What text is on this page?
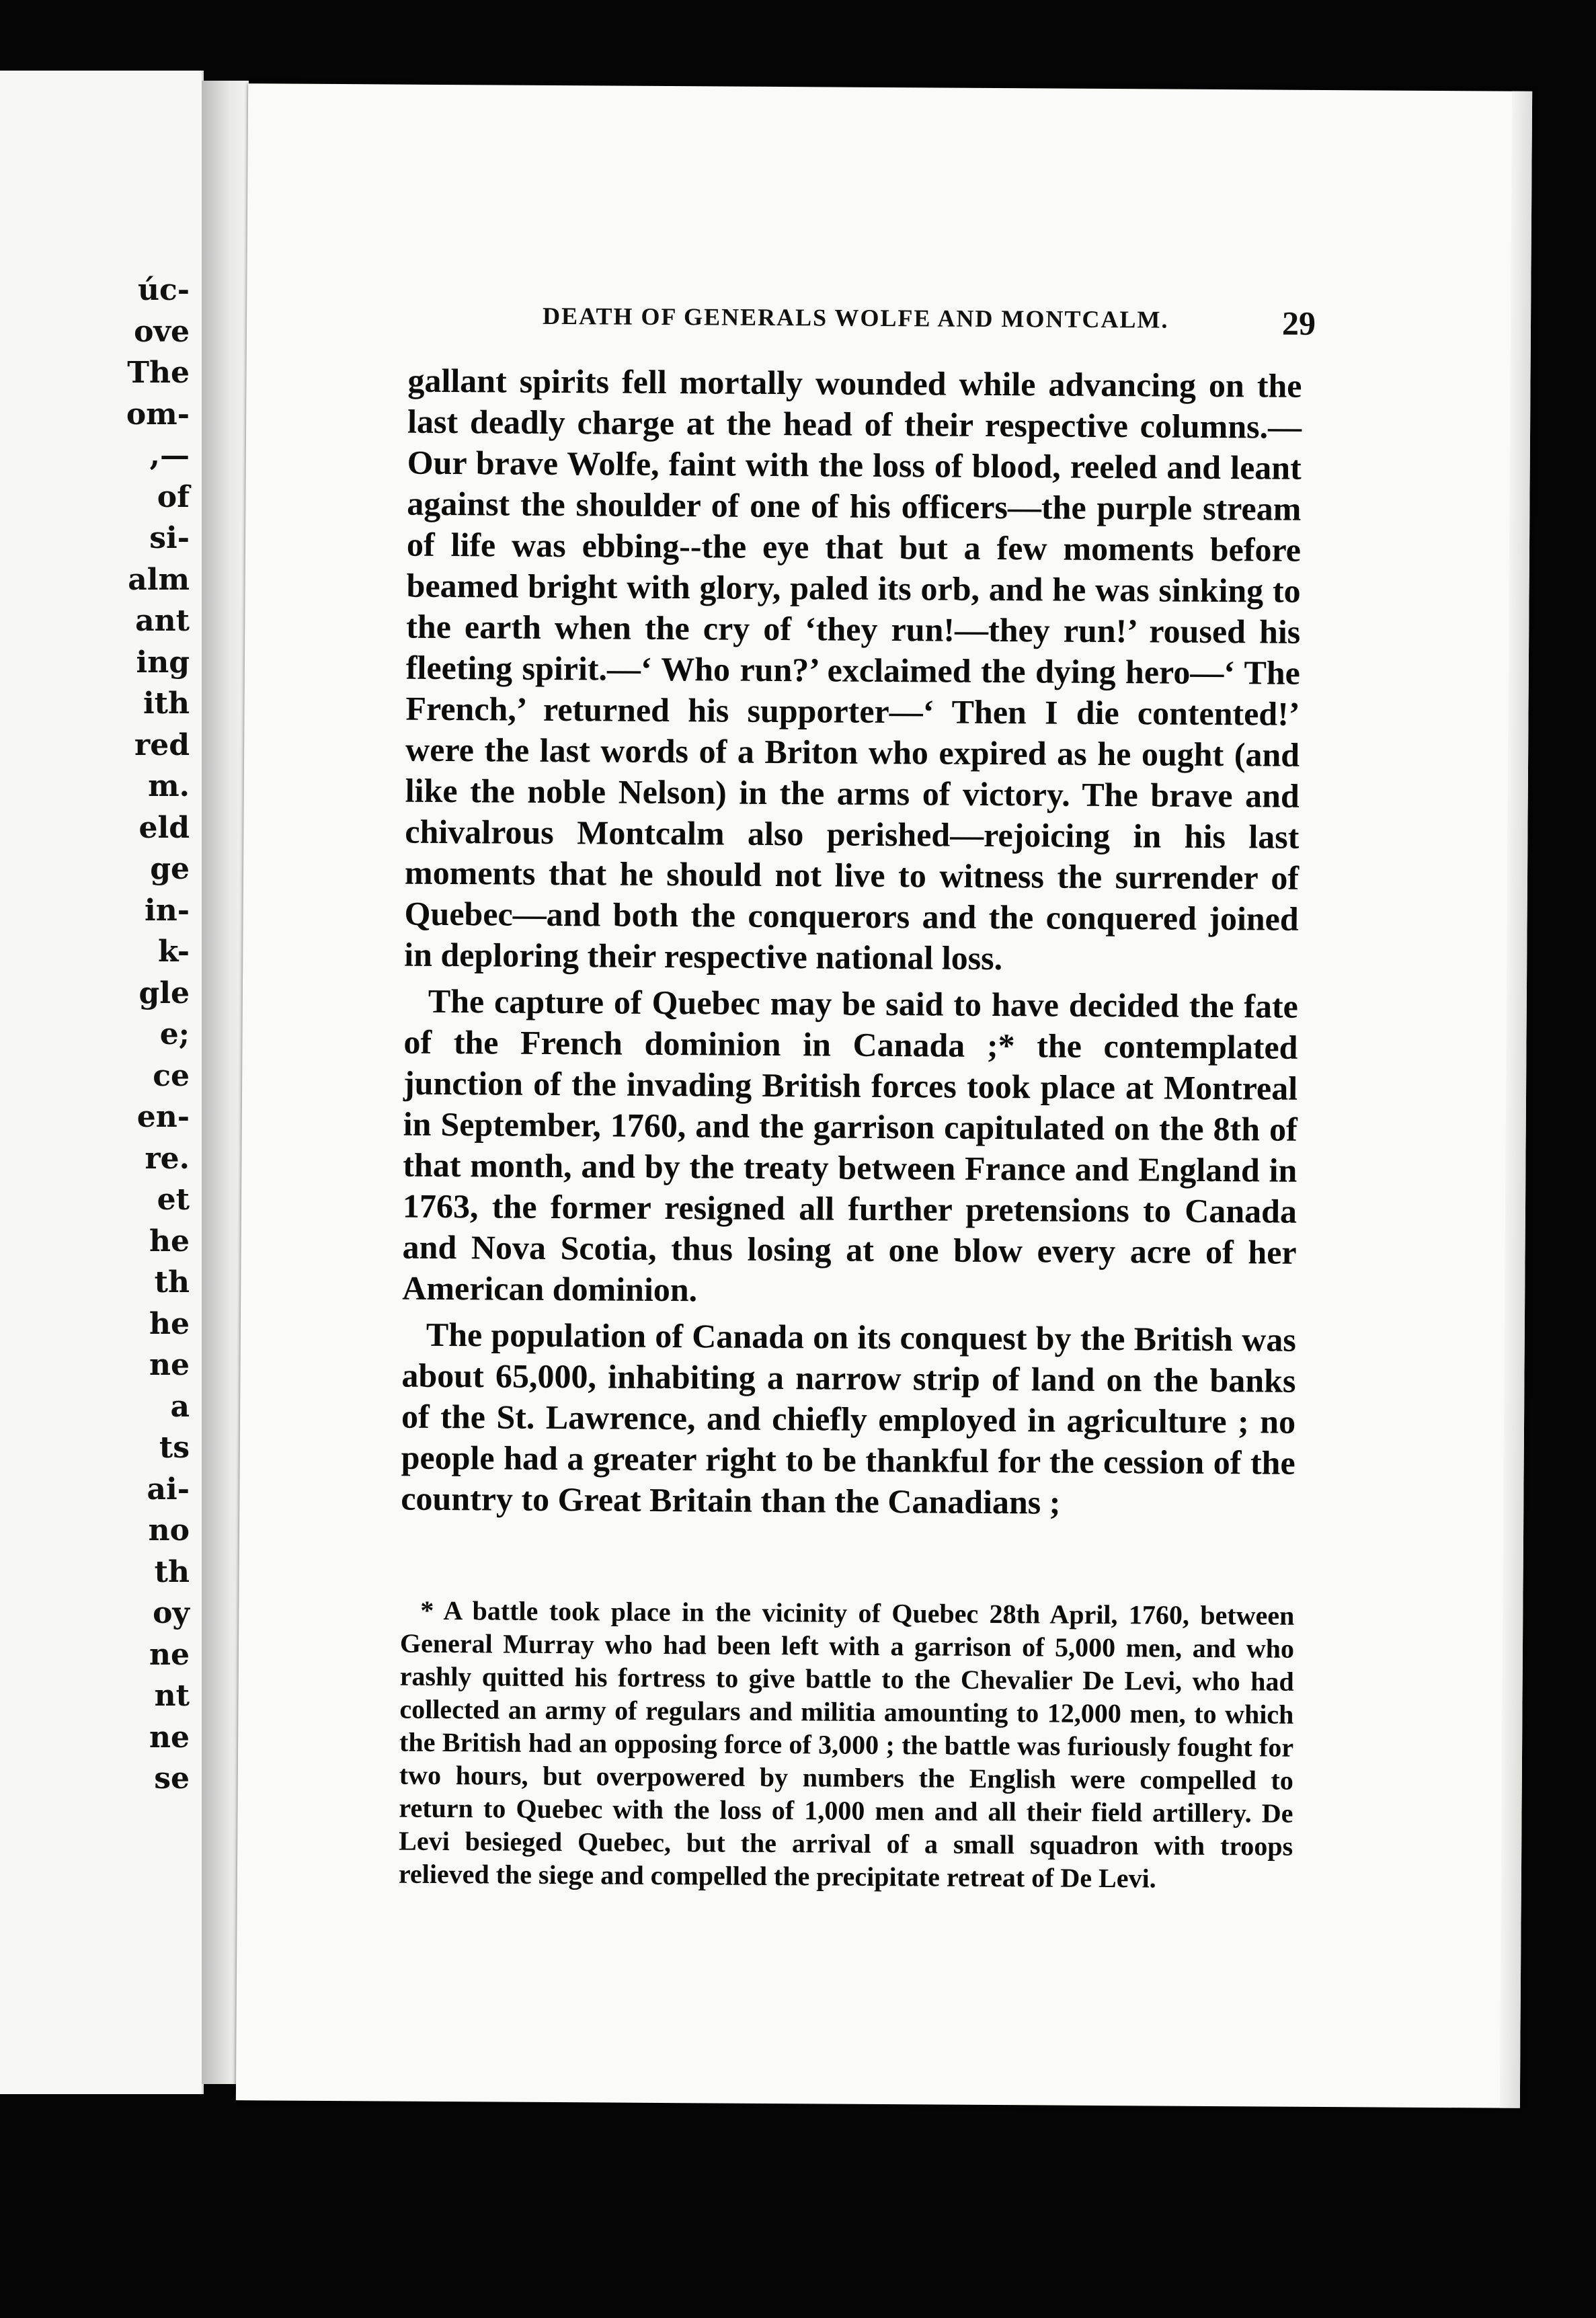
úc-
ove
The
om-
,—
of
si-
alm
ant
ing
ith
red
m.
eld
ge
in-
k-
gle
e;
ce
en-
re.
et
he
th
he
ne
a
ts
ai-
no
th
oy
ne
nt
ne
se
DEATH OF GENERALS WOLFE AND MONTCALM.	29

gallant spirits fell mortally wounded while advancing on the last deadly charge at the head of their respective columns.— Our brave Wolfe, faint with the loss of blood, reeled and leant against the shoulder of one of his officers—the purple stream of life was ebbing--the eye that but a few moments before beamed bright with glory, paled its orb, and he was sinking to the earth when the cry of ‘they run!—they run!’ roused his fleeting spirit.—‘ Who run?’ exclaimed the dying hero—‘ The French,’ returned his supporter—‘ Then I die contented!’ were the last words of a Briton who expired as he ought (and like the noble Nelson) in the arms of victory. The brave and chivalrous Montcalm also perished—rejoicing in his last moments that he should not live to witness the surrender of Quebec—and both the conquerors and the conquered joined in deploring their respective national loss.

The capture of Quebec may be said to have decided the fate of the French dominion in Canada ;* the contemplated junction of the invading British forces took place at Montreal in September, 1760, and the garrison capitulated on the 8th of that month, and by the treaty between France and England in 1763, the former resigned all further pretensions to Canada and Nova Scotia, thus losing at one blow every acre of her American dominion.

The population of Canada on its conquest by the British was about 65,000, inhabiting a narrow strip of land on the banks of the St. Lawrence, and chiefly employed in agriculture ; no people had a greater right to be thankful for the cession of the country to Great Britain than the Canadians ;

* A battle took place in the vicinity of Quebec 28th April, 1760, between General Murray who had been left with a garrison of 5,000 men, and who rashly quitted his fortress to give battle to the Chevalier De Levi, who had collected an army of regulars and militia amounting to 12,000 men, to which the British had an opposing force of 3,000 ; the battle was furiously fought for two hours, but overpowered by numbers the English were compelled to return to Quebec with the loss of 1,000 men and all their field artillery. De Levi besieged Quebec, but the arrival of a small squadron with troops relieved the siege and compelled the precipitate retreat of De Levi.
